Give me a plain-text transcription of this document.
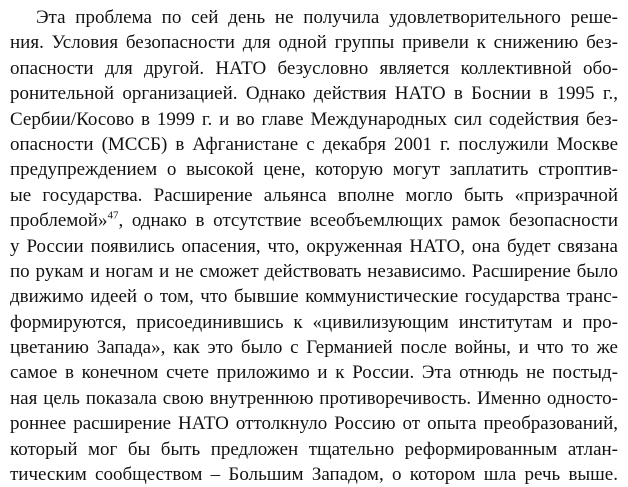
Эта проблема по сей день не получила удовлетворительного реше-
ния. Условия безопасности для одной группы привели к снижению без-
опасности для другой. НАТО безусловно является коллективной обо-
ронительной организацией. Однако действия НАТО в Боснии в 1995 г.,
Сербии/Косово в 1999 г. и во главе Международных сил содействия без-
опасности (МССБ) в Афганистане с декабря 2001 г. послужили Москве
предупреждением о высокой цене, которую могут заплатить строптив-
ые государства. Расширение альянса вполне могло быть «призрачной
проблемой»$^{47}$, однако в отсутствие всеобъемлющих рамок безопасности
у России появились опасения, что, окруженная НАТО, она будет связана
по рукам и ногам и не сможет действовать независимо. Расширение было
движимо идеей о том, что бывшие коммунистические государства транс-
формируются, присоединившись к «цивилизующим институтам и про-
цветанию Запада», как это было с Германией после войны, и что то же
самое в конечном счете приложимо и к России. Эта отнюдь не постыд-
ная цель показала свою внутреннюю противоречивость. Именно односто-
роннее расширение НАТО оттолкнуло Россию от опыта преобразований,
который мог бы быть предложен тщательно реформированным атлан-
тическим сообществом – Большим Западом, о котором шла речь выше.
